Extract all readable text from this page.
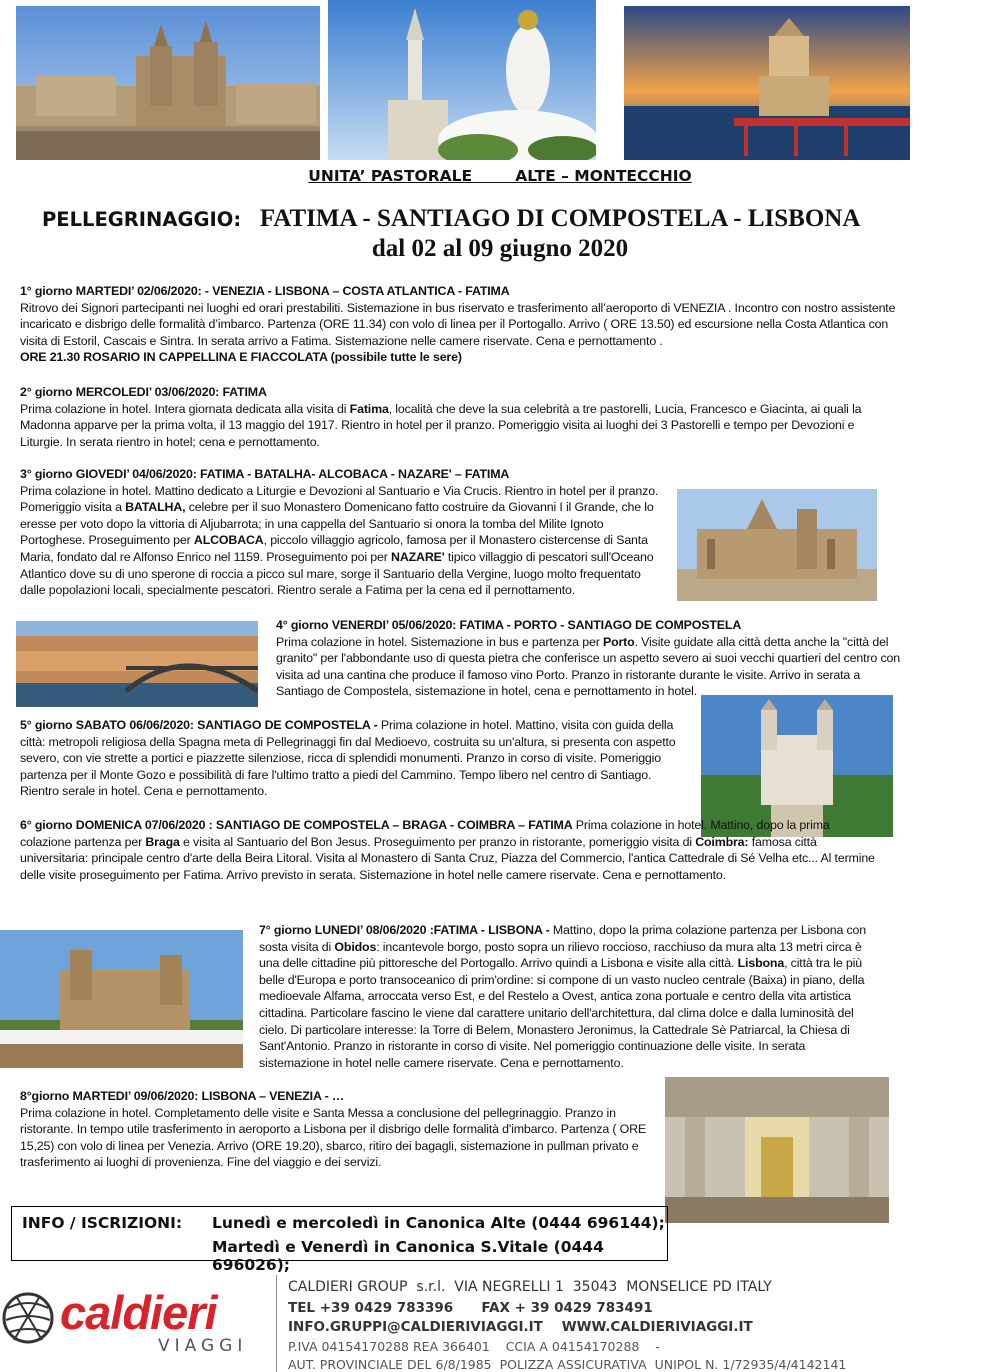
UNITA’ PASTORALE        ALTE – MONTECCHIO
PELLEGRINAGGIO:   FATIMA - SANTIAGO DI COMPOSTELA - LISBONA
dal 02 al 09 giugno 2020
1° giorno MARTEDI’ 02/06/2020: - VENEZIA - LISBONA – COSTA ATLANTICA - FATIMA
Ritrovo dei Signori partecipanti nei luoghi ed orari prestabiliti. Sistemazione in bus riservato e trasferimento all’aeroporto di VENEZIA . Incontro con nostro assistente incaricato e disbrigo delle formalità d’imbarco. Partenza (ORE 11.34) con volo di linea per il Portogallo. Arrivo ( ORE 13.50) ed escursione nella Costa Atlantica con visita di Estoril, Cascais e Sintra. In serata arrivo a Fatima. Sistemazione nelle camere riservate. Cena e pernottamento .
ORE 21.30 ROSARIO IN CAPPELLINA E FIACCOLATA (possibile tutte le sere)
2° giorno MERCOLEDI’ 03/06/2020: FATIMA
Prima colazione in hotel. Intera giornata dedicata alla visita di Fatima, località che deve la sua celebrità a tre pastorelli, Lucia, Francesco e Giacinta, ai quali la Madonna apparve per la prima volta, il 13 maggio del 1917. Rientro in hotel per il pranzo. Pomeriggio visita ai luoghi dei 3 Pastorelli e tempo per Devozioni e Liturgie. In serata rientro in hotel; cena e pernottamento.
3° giorno GIOVEDI’ 04/06/2020: FATIMA - BATALHA- ALCOBACA - NAZARE' – FATIMA
Prima colazione in hotel. Mattino dedicato a Liturgie e Devozioni al Santuario e Via Crucis. Rientro in hotel per il pranzo. Pomeriggio visita a BATALHA, celebre per il suo Monastero Domenicano fatto costruire da Giovanni I il Grande, che lo eresse per voto dopo la vittoria di Aljubarrota; in una cappella del Santuario si onora la tomba del Milite Ignoto Portoghese. Proseguimento per ALCOBACA, piccolo villaggio agricolo, famosa per il Monastero cistercense di Santa Maria, fondato dal re Alfonso Enrico nel 1159. Proseguimento poi per NAZARE' tipico villaggio di pescatori sull'Oceano Atlantico dove su di uno sperone di roccia a picco sul mare, sorge il Santuario della Vergine, luogo molto frequentato dalle popolazioni locali, specialmente pescatori. Rientro serale a Fatima per la cena ed il pernottamento.
4° giorno VENERDI’ 05/06/2020: FATIMA - PORTO - SANTIAGO DE COMPOSTELA
Prima colazione in hotel. Sistemazione in bus e partenza per Porto. Visite guidate alla città detta anche la "città del granito" per l'abbondante uso di questa pietra che conferisce un aspetto severo ai suoi vecchi quartieri del centro con visita ad una cantina che produce il famoso vino Porto. Pranzo in ristorante durante le visite. Arrivo in serata a Santiago de Compostela, sistemazione in hotel, cena e pernottamento in hotel.
5° giorno SABATO 06/06/2020: SANTIAGO DE COMPOSTELA - Prima colazione in hotel. Mattino, visita con guida della città: metropoli religiosa della Spagna meta di Pellegrinaggi fin dal Medioevo, costruita su un'altura, si presenta con aspetto severo, con vie strette a portici e piazzette silenziose, ricca di splendidi monumenti. Pranzo in corso di visite. Pomeriggio partenza per il Monte Gozo e possibilità di fare l'ultimo tratto a piedi del Cammino. Tempo libero nel centro di Santiago. Rientro serale in hotel. Cena e pernottamento.
6° giorno DOMENICA 07/06/2020 : SANTIAGO DE COMPOSTELA – BRAGA - COIMBRA – FATIMA Prima colazione in hotel. Mattino, dopo la prima colazione partenza per Braga e visita al Santuario del Bon Jesus. Proseguimento per pranzo in ristorante, pomeriggio visita di Coimbra: famosa città universitaria: principale centro d'arte della Beira Litoral. Visita al Monastero di Santa Cruz, Piazza del Commercio, l'antica Cattedrale di Sé Velha etc... Al termine delle visite proseguimento per Fatima. Arrivo previsto in serata. Sistemazione in hotel nelle camere riservate. Cena e pernottamento.
7° giorno LUNEDI’ 08/06/2020 :FATIMA - LISBONA - Mattino, dopo la prima colazione partenza per Lisbona con sosta visita di Obidos: incantevole borgo, posto sopra un rilievo roccioso, racchiuso da mura alta 13 metri circa è una delle cittadine più pittoresche del Portogallo. Arrivo quindi a Lisbona e visite alla città. Lisbona, città tra le più belle d'Europa e porto transoceanico di prim'ordine: si compone di un vasto nucleo centrale (Baixa) in piano, della medioevale Alfama, arroccata verso Est, e del Restelo a Ovest, antica zona portuale e centro della vita artistica cittadina. Particolare fascino le viene dal carattere unitario dell'architettura, dal clima dolce e dalla luminosità del cielo. Di particolare interesse: la Torre di Belem, Monastero Jeronimus, la Cattedrale Sè Patriarcal, la Chiesa di Sant'Antonio. Pranzo in ristorante in corso di visite. Nel pomeriggio continuazione delle visite. In serata sistemazione in hotel nelle camere riservate. Cena e pernottamento.
8°giorno MARTEDI’ 09/06/2020: LISBONA – VENEZIA - …
Prima colazione in hotel. Completamento delle visite e Santa Messa a conclusione del pellegrinaggio. Pranzo in ristorante. In tempo utile trasferimento in aeroporto a Lisbona per il disbrigo delle formalità d'imbarco. Partenza ( ORE 15,25) con volo di linea per Venezia. Arrivo (ORE 19.20), sbarco, ritiro dei bagagli, sistemazione in pullman privato e trasferimento ai luoghi di provenienza. Fine del viaggio e dei servizi.
INFO / ISCRIZIONI: Lunedì e mercoledì in Canonica Alte (0444 696144);
Martedì e Venerdì in Canonica S.Vitale (0444 696026);
caldieri
VIAGGI
CALDIERI GROUP  s.r.l.  VIA NEGRELLI 1  35043  MONSELICE PD ITALY
TEL +39 0429 783396      FAX + 39 0429 783491
INFO.GRUPPI@CALDIERIVIAGGI.IT    WWW.CALDIERIVIAGGI.IT
P.IVA 04154170288 REA 366401    CCIA A 04154170288    -
AUT. PROVINCIALE DEL 6/8/1985  POLIZZA ASSICURATIVA  UNIPOL N. 1/72935/4/4142141
